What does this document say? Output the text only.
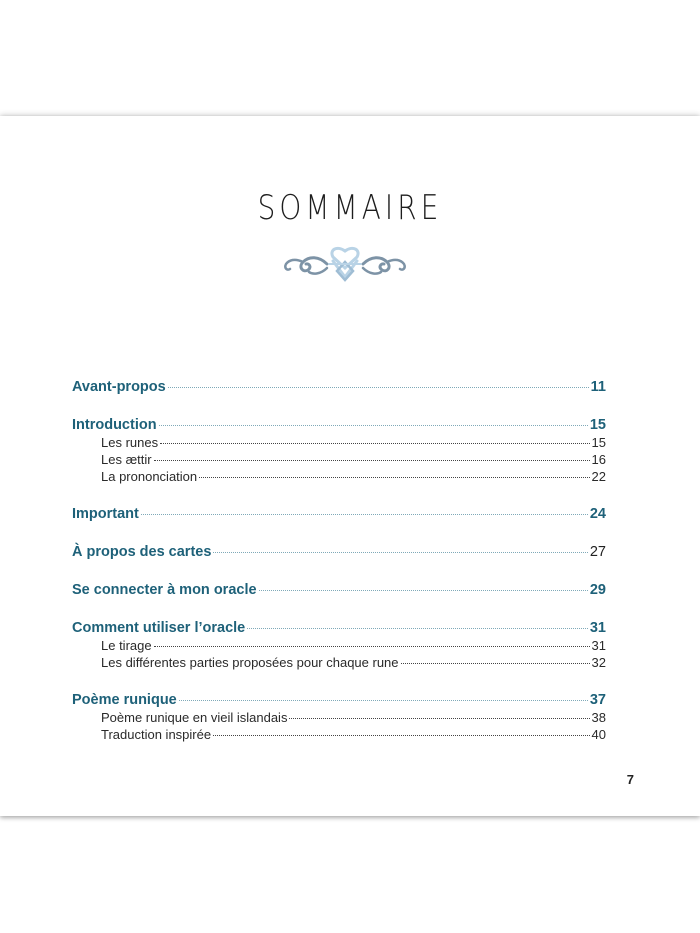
SOMMAIRE
Avant-propos	11
Introduction	15
Les runes	15
Les ættir	16
La prononciation	22
Important	24
À propos des cartes	27
Se connecter à mon oracle	29
Comment utiliser l’oracle	31
Le tirage	31
Les différentes parties proposées pour chaque rune	32
Poème runique	37
Poème runique en vieil islandais	38
Traduction inspirée	40
7
